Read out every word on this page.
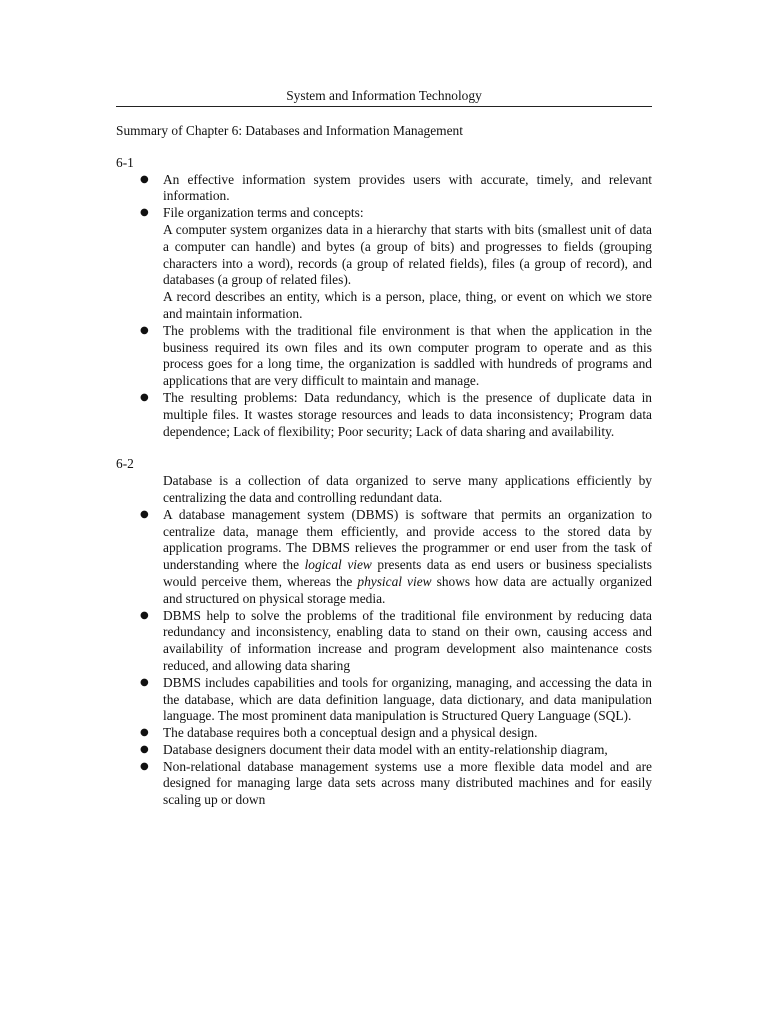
System and Information Technology

Summary of Chapter 6: Databases and Information Management

6-1

● An effective information system provides users with accurate, timely, and relevant information.
● File organization terms and concepts:
A computer system organizes data in a hierarchy that starts with bits (smallest unit of data a computer can handle) and bytes (a group of bits) and progresses to fields (grouping characters into a word), records (a group of related fields), files (a group of record), and databases (a group of related files).
A record describes an entity, which is a person, place, thing, or event on which we store and maintain information.
● The problems with the traditional file environment is that when the application in the business required its own files and its own computer program to operate and as this process goes for a long time, the organization is saddled with hundreds of programs and applications that are very difficult to maintain and manage.
● The resulting problems: Data redundancy, which is the presence of duplicate data in multiple files. It wastes storage resources and leads to data inconsistency; Program data dependence; Lack of flexibility; Poor security; Lack of data sharing and availability.

6-2

Database is a collection of data organized to serve many applications efficiently by centralizing the data and controlling redundant data.

● A database management system (DBMS) is software that permits an organization to centralize data, manage them efficiently, and provide access to the stored data by application programs. The DBMS relieves the programmer or end user from the task of understanding where the logical view presents data as end users or business specialists would perceive them, whereas the physical view shows how data are actually organized and structured on physical storage media.
● DBMS help to solve the problems of the traditional file environment by reducing data redundancy and inconsistency, enabling data to stand on their own, causing access and availability of information increase and program development also maintenance costs reduced, and allowing data sharing
● DBMS includes capabilities and tools for organizing, managing, and accessing the data in the database, which are data definition language, data dictionary, and data manipulation language. The most prominent data manipulation is Structured Query Language (SQL).
● The database requires both a conceptual design and a physical design.
● Database designers document their data model with an entity-relationship diagram,
● Non-relational database management systems use a more flexible data model and are designed for managing large data sets across many distributed machines and for easily scaling up or down
